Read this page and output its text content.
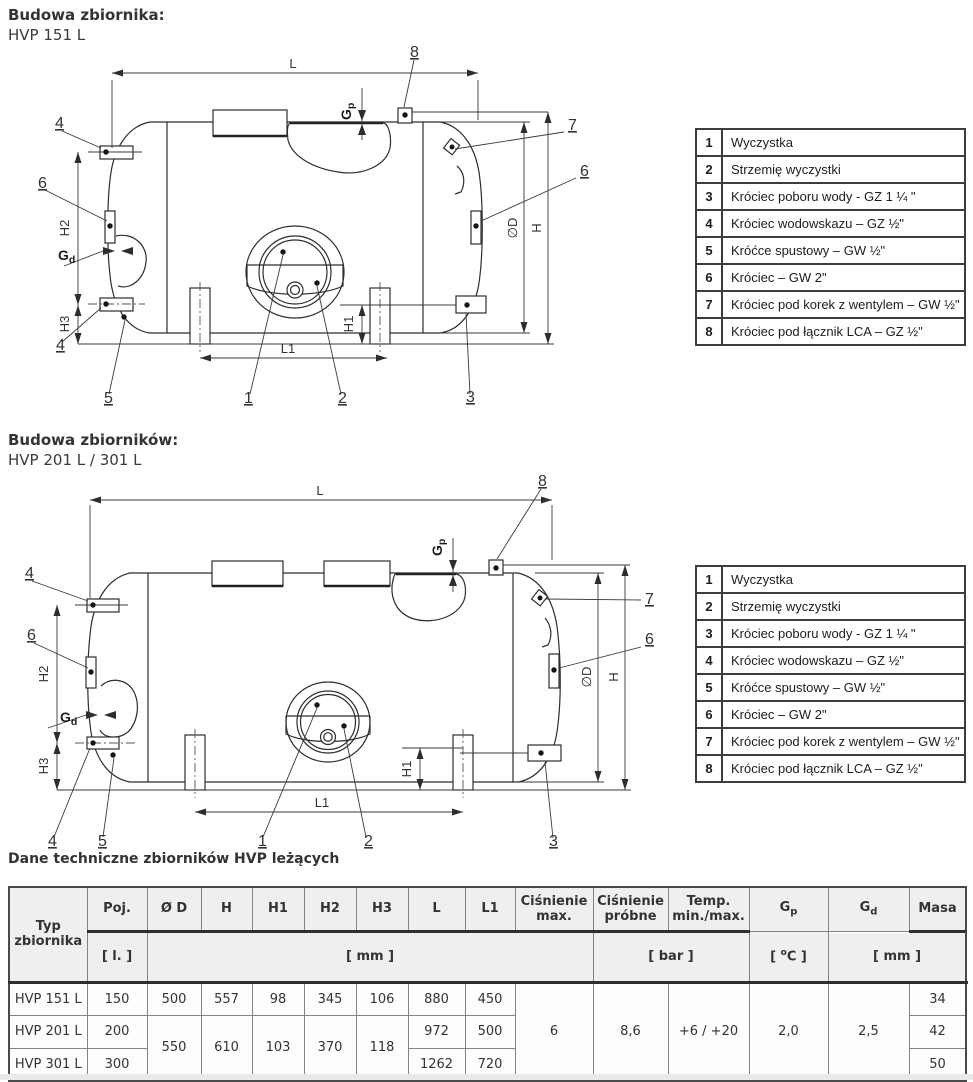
Budowa zbiornika:
HVP 151 L
L
L1
∅D H
H1
H2
H3
$G_p$
$G_d$
8
4
6
4
5	1	2	3
7
6
1	Wyczystka
2	Strzemię wyczystki
3	Króciec poboru wody - GZ 1 ¼ "
4	Króciec wodowskazu – GZ ½"
5	Króćce spustowy – GW ½"
6	Króciec – GW 2"
7	Króciec pod korek z wentylem – GW ½"
8	Króciec pod łącznik LCA – GZ ½"
Budowa zbiorników:
HVP 201 L / 301 L
L
L1
∅D H
H1
H2
H3
$G_p$
$G_d$
8
4
6
4	5	1	2	3
7
6
1	Wyczystka
2	Strzemię wyczystki
3	Króciec poboru wody - GZ 1 ¼ "
4	Króciec wodowskazu – GZ ½"
5	Króćce spustowy – GW ½"
6	Króciec – GW 2"
7	Króciec pod korek z wentylem – GW ½"
8	Króciec pod łącznik LCA – GZ ½"
Dane techniczne zbiorników HVP leżących
Typ zbiornika	Poj.	Ø D	H	H1	H2	H3	L	L1	Ciśnienie max.	Ciśnienie próbne	Temp. min./max.	$G_p$	$G_d$	Masa	
	[ l. ]	[ mm ]								[ bar ]		[ $^o$C ]	[ mm ]	
HVP 151 L	150	500	557	98	345	106	880	450	6	8,6	+6 / +20	2,0	2,5	34	
HVP 201 L	200	550	610	103	370	118	972	500						42	
HVP 301 L	300						1262	720						50	
